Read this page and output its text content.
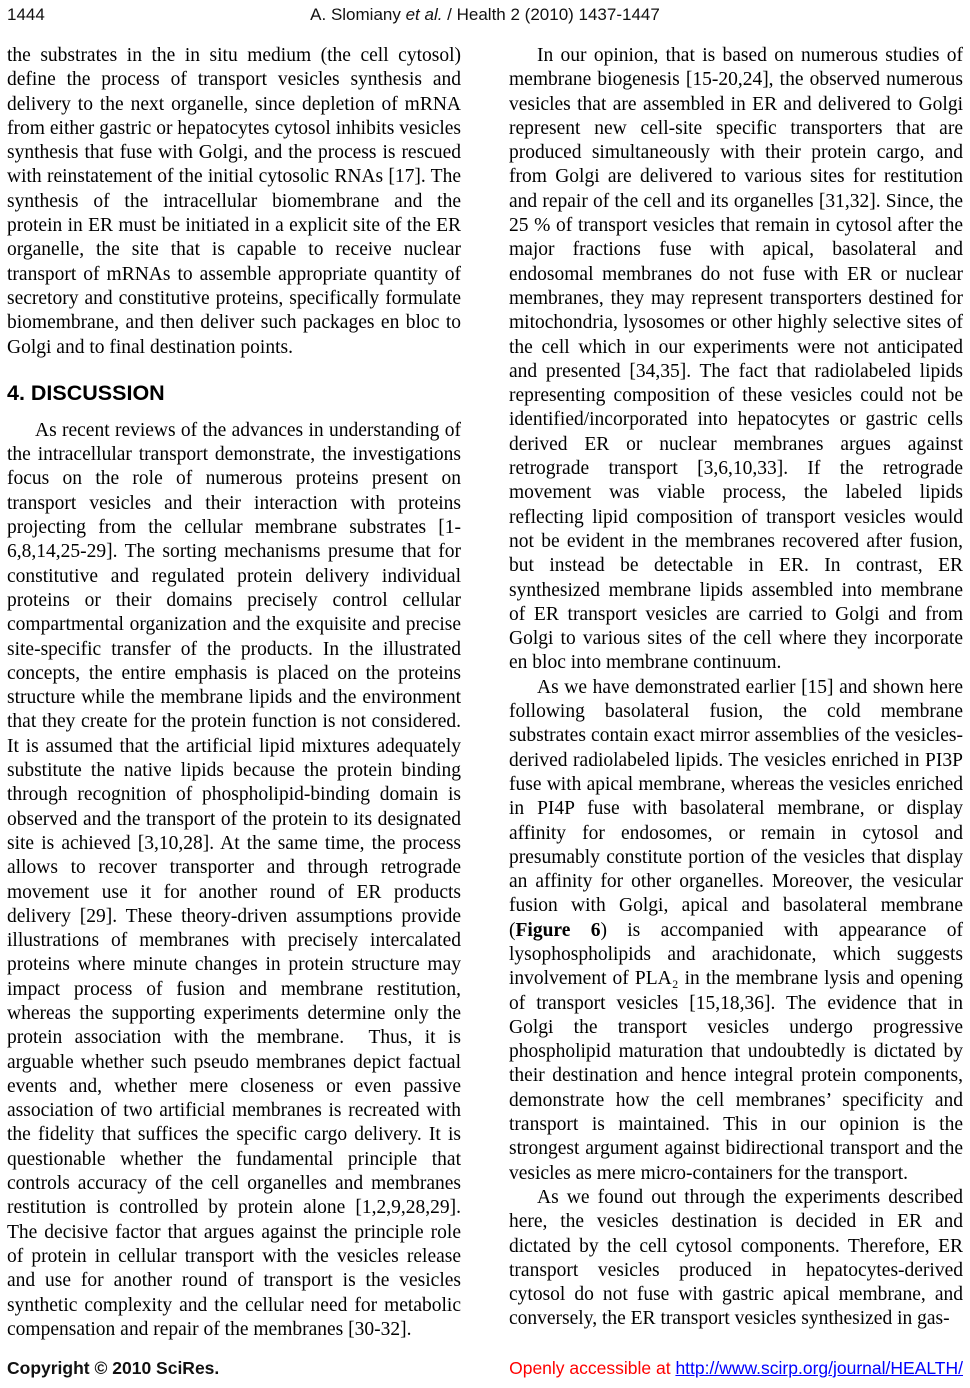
1444	A. Slomiany et al. / Health 2 (2010) 1437-1447

the substrates in the in situ medium (the cell cytosol) define the process of transport vesicles synthesis and delivery to the next organelle, since depletion of mRNA from either gastric or hepatocytes cytosol inhibits vesicles synthesis that fuse with Golgi, and the process is rescued with reinstatement of the initial cytosolic RNAs [17]. The synthesis of the intracellular biomembrane and the protein in ER must be initiated in a explicit site of the ER organelle, the site that is capable to receive nuclear transport of mRNAs to assemble appropriate quantity of secretory and constitutive proteins, specifically formulate biomembrane, and then deliver such packages en bloc to Golgi and to final destination points.

4. DISCUSSION

As recent reviews of the advances in understanding of the intracellular transport demonstrate, the investigations focus on the role of numerous proteins present on transport vesicles and their interaction with proteins projecting from the cellular membrane substrates [1-6,8,14,25-29]. The sorting mechanisms presume that for constitutive and regulated protein delivery individual proteins or their domains precisely control cellular compartmental organization and the exquisite and precise site-specific transfer of the products. In the illustrated concepts, the entire emphasis is placed on the proteins structure while the membrane lipids and the environment that they create for the protein function is not considered. It is assumed that the artificial lipid mixtures adequately substitute the native lipids because the protein binding through recognition of phospholipid-binding domain is observed and the transport of the protein to its designated site is achieved [3,10,28]. At the same time, the process allows to recover transporter and through retrograde movement use it for another round of ER products delivery [29]. These theory-driven assumptions provide illustrations of membranes with precisely intercalated proteins where minute changes in protein structure may impact process of fusion and membrane restitution, whereas the supporting experiments determine only the protein association with the membrane.  Thus, it is arguable whether such pseudo membranes depict factual events and, whether mere closeness or even passive association of two artificial membranes is recreated with the fidelity that suffices the specific cargo delivery. It is questionable whether the fundamental principle that controls accuracy of the cell organelles and membranes restitution is controlled by protein alone [1,2,9,28,29]. The decisive factor that argues against the principle role of protein in cellular transport with the vesicles release and use for another round of transport is the vesicles synthetic complexity and the cellular need for metabolic compensation and repair of the membranes [30-32].

In our opinion, that is based on numerous studies of membrane biogenesis [15-20,24], the observed numerous vesicles that are assembled in ER and delivered to Golgi represent new cell-site specific transporters that are produced simultaneously with their protein cargo, and from Golgi are delivered to various sites for restitution and repair of the cell and its organelles [31,32]. Since, the 25 % of transport vesicles that remain in cytosol after the major fractions fuse with apical, basolateral and endosomal membranes do not fuse with ER or nuclear membranes, they may represent transporters destined for mitochondria, lysosomes or other highly selective sites of the cell which in our experiments were not anticipated and presented [34,35]. The fact that radiolabeled lipids representing composition of these vesicles could not be identified/incorporated into hepatocytes or gastric cells derived ER or nuclear membranes argues against retrograde transport [3,6,10,33]. If the retrograde movement was viable process, the labeled lipids reflecting lipid composition of transport vesicles would not be evident in the membranes recovered after fusion, but instead be detectable in ER. In contrast, ER synthesized membrane lipids assembled into membrane of ER transport vesicles are carried to Golgi and from Golgi to various sites of the cell where they incorporate en bloc into membrane continuum.

As we have demonstrated earlier [15] and shown here following basolateral fusion, the cold membrane substrates contain exact mirror assemblies of the vesicles-derived radiolabeled lipids. The vesicles enriched in PI3P fuse with apical membrane, whereas the vesicles enriched in PI4P fuse with basolateral membrane, or display affinity for endosomes, or remain in cytosol and presumably constitute portion of the vesicles that display an affinity for other organelles. Moreover, the vesicular fusion with Golgi, apical and basolateral membrane (Figure 6) is accompanied with appearance of lysophospholipids and arachidonate, which suggests involvement of PLA₂ in the membrane lysis and opening of transport vesicles [15,18,36]. The evidence that in Golgi the transport vesicles undergo progressive phospholipid maturation that undoubtedly is dictated by their destination and hence integral protein components, demonstrate how the cell membranes’ specificity and transport is maintained. This in our opinion is the strongest argument against bidirectional transport and the vesicles as mere micro-containers for the transport.

As we found out through the experiments described here, the vesicles destination is decided in ER and dictated by the cell cytosol components. Therefore, ER transport vesicles produced in hepatocytes-derived cytosol do not fuse with gastric apical membrane, and conversely, the ER transport vesicles synthesized in gas-

Copyright © 2010 SciRes.	Openly accessible at http://www.scirp.org/journal/HEALTH/
